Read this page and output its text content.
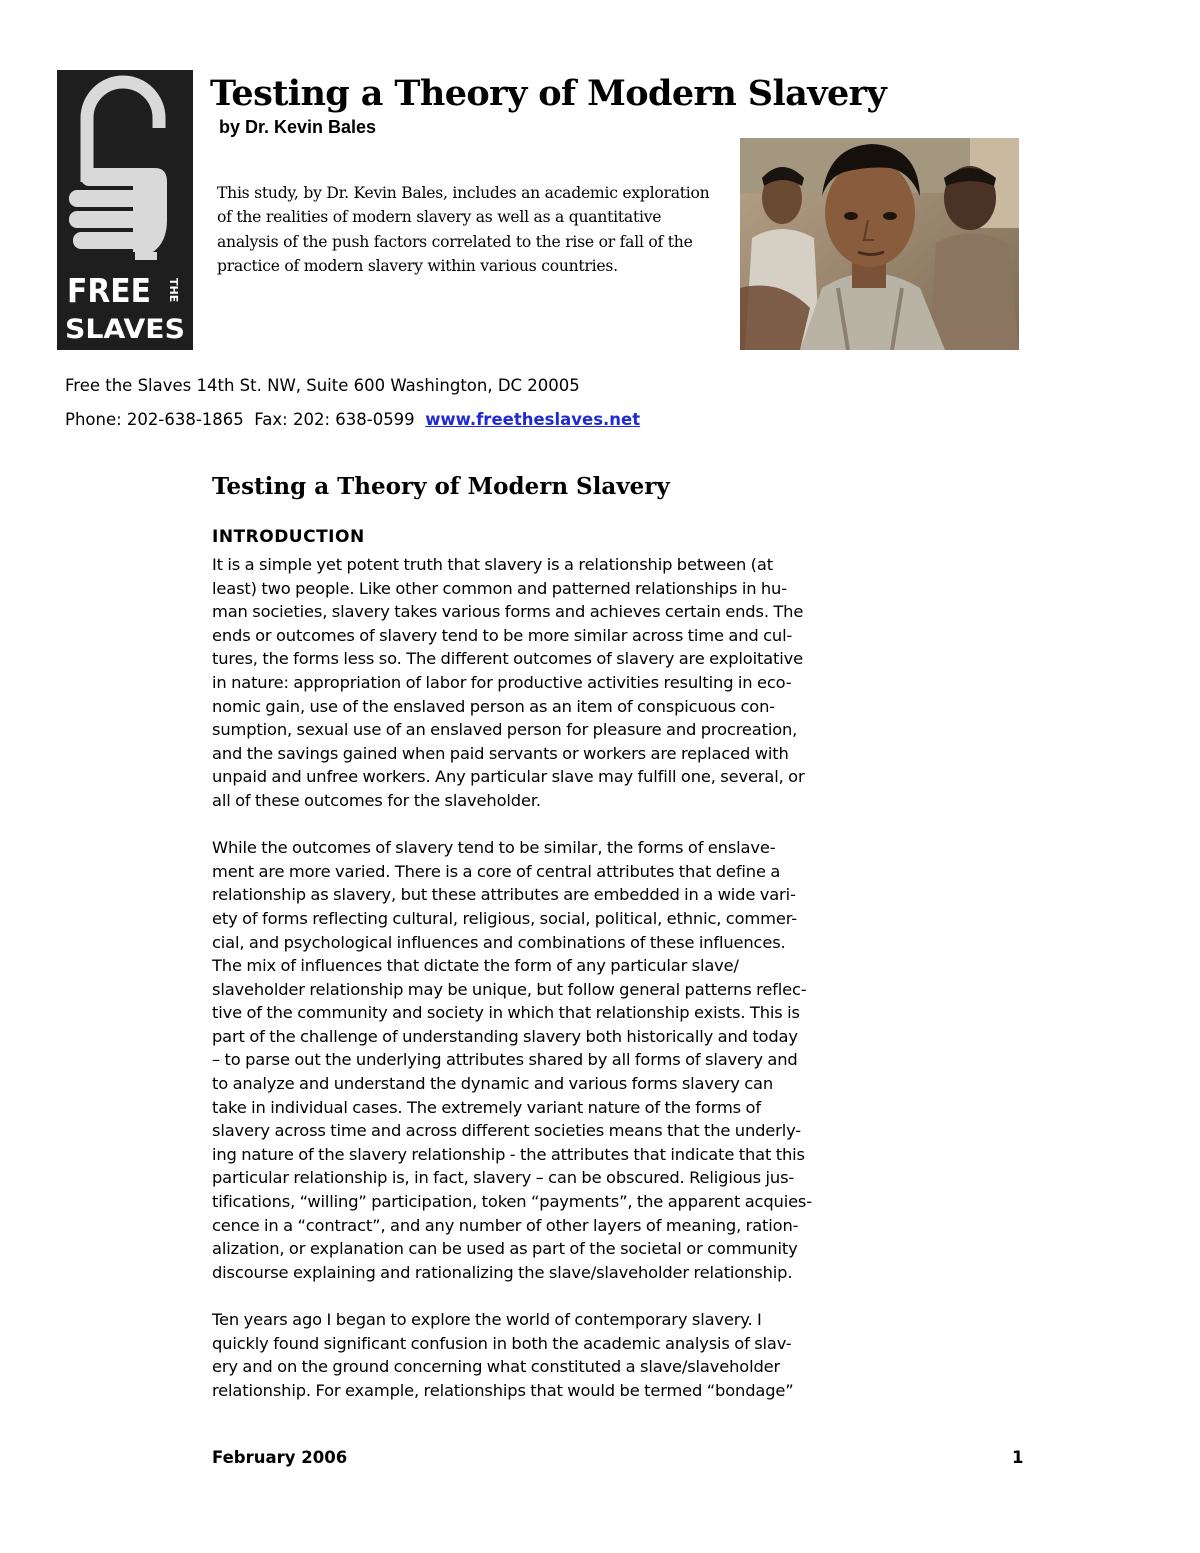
FREE THE
SLAVES
Testing a Theory of Modern Slavery
by Dr. Kevin Bales

This study, by Dr. Kevin Bales, includes an academic exploration of the realities of modern slavery as well as a quantitative analysis of the push factors correlated to the rise or fall of the practice of modern slavery within various countries.

Free the Slaves 14th St. NW, Suite 600 Washington, DC 20005
Phone: 202-638-1865  Fax: 202: 638-0599  www.freetheslaves.net
Testing a Theory of Modern Slavery
INTRODUCTION

It is a simple yet potent truth that slavery is a relationship between (at
least) two people. Like other common and patterned relationships in hu-
man societies, slavery takes various forms and achieves certain ends. The
ends or outcomes of slavery tend to be more similar across time and cul-
tures, the forms less so. The different outcomes of slavery are exploitative
in nature: appropriation of labor for productive activities resulting in eco-
nomic gain, use of the enslaved person as an item of conspicuous con-
sumption, sexual use of an enslaved person for pleasure and procreation,
and the savings gained when paid servants or workers are replaced with
unpaid and unfree workers. Any particular slave may fulfill one, several, or
all of these outcomes for the slaveholder.

While the outcomes of slavery tend to be similar, the forms of enslave-
ment are more varied. There is a core of central attributes that define a
relationship as slavery, but these attributes are embedded in a wide vari-
ety of forms reflecting cultural, religious, social, political, ethnic, commer-
cial, and psychological influences and combinations of these influences.
The mix of influences that dictate the form of any particular slave/
slaveholder relationship may be unique, but follow general patterns reflec-
tive of the community and society in which that relationship exists. This is
part of the challenge of understanding slavery both historically and today
– to parse out the underlying attributes shared by all forms of slavery and
to analyze and understand the dynamic and various forms slavery can
take in individual cases. The extremely variant nature of the forms of
slavery across time and across different societies means that the underly-
ing nature of the slavery relationship - the attributes that indicate that this
particular relationship is, in fact, slavery – can be obscured. Religious jus-
tifications, “willing” participation, token “payments”, the apparent acquies-
cence in a “contract”, and any number of other layers of meaning, ration-
alization, or explanation can be used as part of the societal or community
discourse explaining and rationalizing the slave/slaveholder relationship.

Ten years ago I began to explore the world of contemporary slavery. I
quickly found significant confusion in both the academic analysis of slav-
ery and on the ground concerning what constituted a slave/slaveholder
relationship. For example, relationships that would be termed “bondage”

February 2006	1
